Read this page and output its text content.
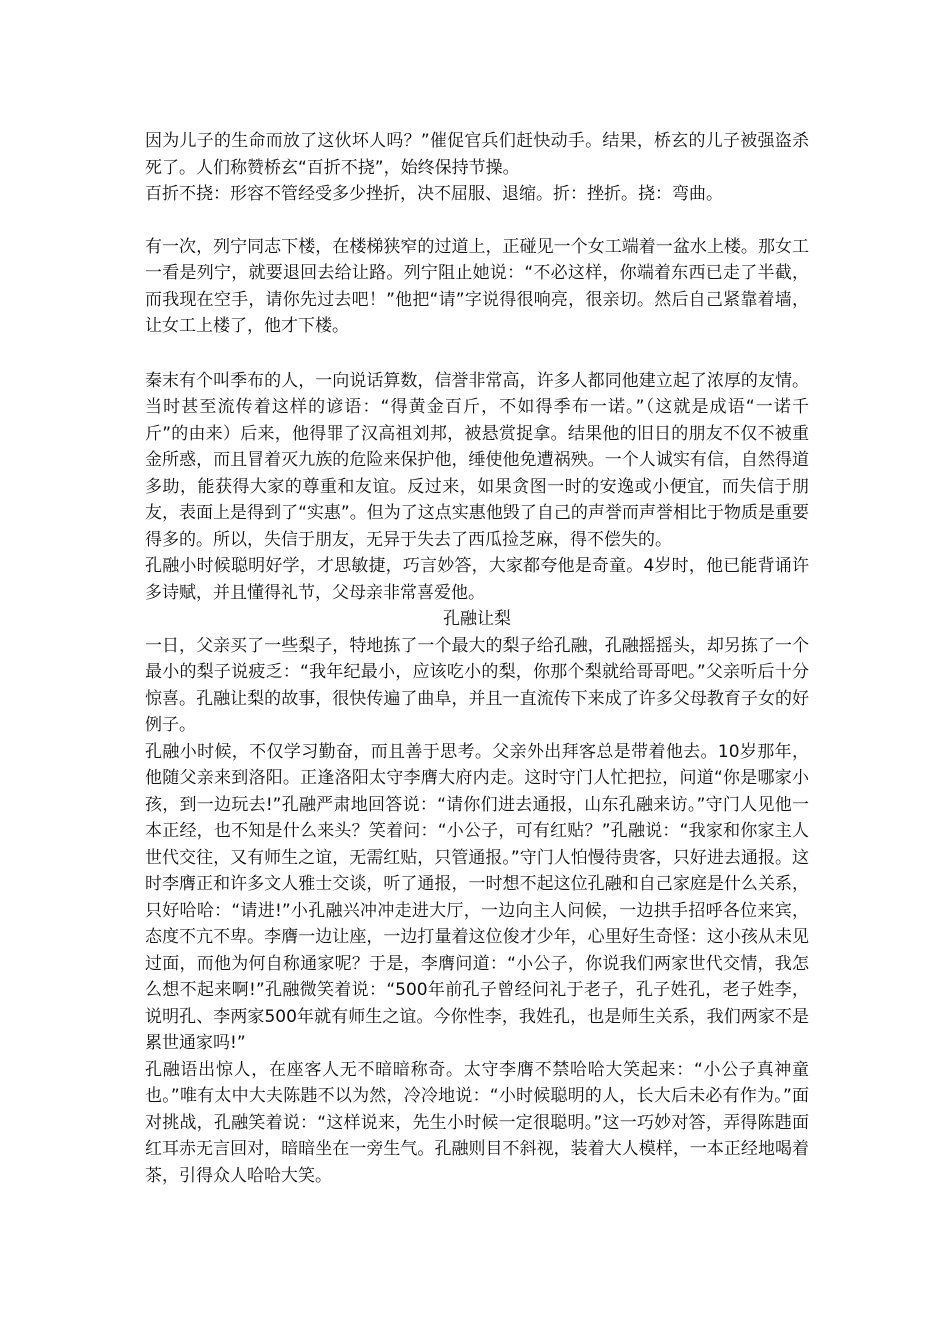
因为儿子的生命而放了这伙坏人吗？”催促官兵们赶快动手。结果，桥玄的儿子被强盗杀死了。人们称赞桥玄“百折不挠”，始终保持节操。

百折不挠：形容不管经受多少挫折，决不屈服、退缩。折：挫折。挠：弯曲。

有一次，列宁同志下楼，在楼梯狭窄的过道上，正碰见一个女工端着一盆水上楼。那女工一看是列宁，就要退回去给让路。列宁阻止她说：“不必这样，你端着东西已走了半截，而我现在空手，请你先过去吧！”他把“请”字说得很响亮，很亲切。然后自己紧靠着墙，让女工上楼了，他才下楼。

秦末有个叫季布的人，一向说话算数，信誉非常高，许多人都同他建立起了浓厚的友情。当时甚至流传着这样的谚语：“得黄金百斤，不如得季布一诺。”（这就是成语“一诺千斤”的由来）后来，他得罪了汉高祖刘邦，被悬赏捉拿。结果他的旧日的朋友不仅不被重金所惑，而且冒着灭九族的危险来保护他，缍使他免遭祸殃。一个人诚实有信，自然得道多助，能获得大家的尊重和友谊。反过来，如果贪图一时的安逸或小便宜，而失信于朋友，表面上是得到了“实惠”。但为了这点实惠他毁了自己的声誉而声誉相比于物质是重要得多的。所以，失信于朋友，无异于失去了西瓜捡芝麻，得不偿失的。

孔融小时候聪明好学，才思敏捷，巧言妙答，大家都夸他是奇童。4岁时，他已能背诵许多诗赋，并且懂得礼节，父母亲非常喜爱他。

孔融让梨

一日，父亲买了一些梨子，特地拣了一个最大的梨子给孔融，孔融摇摇头，却另拣了一个最小的梨子说疲乏：“我年纪最小，应该吃小的梨，你那个梨就给哥哥吧。”父亲听后十分惊喜。孔融让梨的故事，很快传遍了曲阜，并且一直流传下来成了许多父母教育子女的好例子。

孔融小时候，不仅学习勤奋，而且善于思考。父亲外出拜客总是带着他去。10岁那年，他随父亲来到洛阳。正逢洛阳太守李膺大府内走。这时守门人忙把拉，问道“你是哪家小孩，到一边玩去!”孔融严肃地回答说：“请你们进去通报，山东孔融来访。”守门人见他一本正经，也不知是什么来头？笑着问：“小公子，可有红贴？”孔融说：“我家和你家主人世代交往，又有师生之谊，无需红贴，只管通报。”守门人怕慢待贵客，只好进去通报。这时李膺正和许多文人雅士交谈，听了通报，一时想不起这位孔融和自己家庭是什么关系，只好哈哈：“请进!”小孔融兴冲冲走进大厅，一边向主人问候，一边拱手招呼各位来宾，态度不亢不卑。李膺一边让座，一边打量着这位俊才少年，心里好生奇怪：这小孩从未见过面，而他为何自称通家呢？于是，李膺问道：“小公子，你说我们两家世代交情，我怎么想不起来啊!”孔融微笑着说：“500年前孔子曾经问礼于老子，孔子姓孔，老子姓李，说明孔、李两家500年就有师生之谊。今你性李，我姓孔，也是师生关系，我们两家不是累世通家吗!”

孔融语出惊人，在座客人无不暗暗称奇。太守李膺不禁哈哈大笑起来：“小公子真神童也。”唯有太中大夫陈韪不以为然，冷冷地说：“小时候聪明的人，长大后未必有作为。”面对挑战，孔融笑着说：“这样说来，先生小时候一定很聪明。”这一巧妙对答，弄得陈韪面红耳赤无言回对，暗暗坐在一旁生气。孔融则目不斜视，装着大人模样，一本正经地喝着茶，引得众人哈哈大笑。
